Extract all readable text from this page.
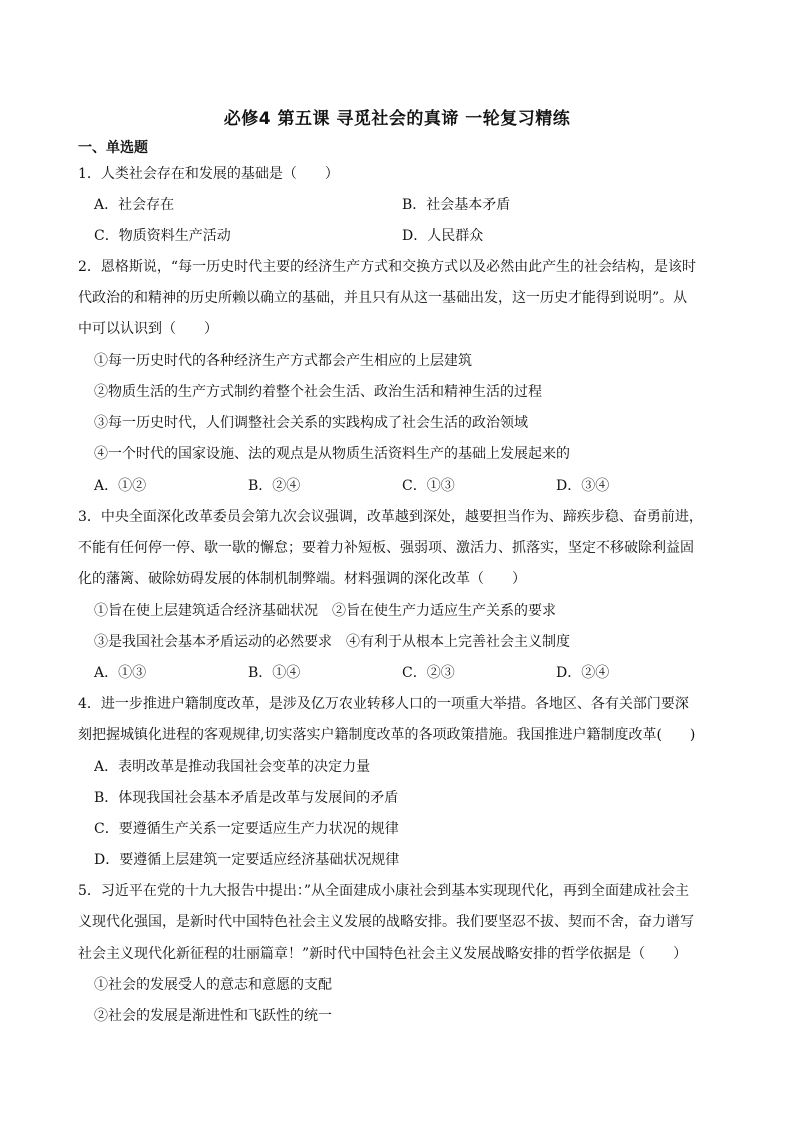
必修4 第五课 寻觅社会的真谛 一轮复习精练
一、单选题
1．人类社会存在和发展的基础是（　　）
A．社会存在	B．社会基本矛盾
C．物质资料生产活动	D．人民群众
2．恩格斯说，“每一历史时代主要的经济生产方式和交换方式以及必然由此产生的社会结构，是该时
代政治的和精神的历史所赖以确立的基础，并且只有从这一基础出发，这一历史才能得到说明”。从
中可以认识到（　　）
①每一历史时代的各种经济生产方式都会产生相应的上层建筑
②物质生活的生产方式制约着整个社会生活、政治生活和精神生活的过程
③每一历史时代，人们调整社会关系的实践构成了社会生活的政治领域
④一个时代的国家设施、法的观点是从物质生活资料生产的基础上发展起来的
A．①②	B．②④	C．①③	D．③④
3．中央全面深化改革委员会第九次会议强调，改革越到深处，越要担当作为、蹄疾步稳、奋勇前进，
不能有任何停一停、歇一歇的懈怠；要着力补短板、强弱项、激活力、抓落实，坚定不移破除利益固
化的藩篱、破除妨碍发展的体制机制弊端。材料强调的深化改革（　　）
①旨在使上层建筑适合经济基础状况　②旨在使生产力适应生产关系的要求
③是我国社会基本矛盾运动的必然要求　④有利于从根本上完善社会主义制度
A．①③	B．①④	C．②③	D．②④
4．进一步推进户籍制度改革，是涉及亿万农业转移人口的一项重大举措。各地区、各有关部门要深
刻把握城镇化进程的客观规律,切实落实户籍制度改革的各项政策措施。我国推进户籍制度改革(　　)
A．表明改革是推动我国社会变革的决定力量
B．体现我国社会基本矛盾是改革与发展间的矛盾
C．要遵循生产关系一定要适应生产力状况的规律
D．要遵循上层建筑一定要适应经济基础状况规律
5．习近平在党的十九大报告中提出：”从全面建成小康社会到基本实现现代化，再到全面建成社会主
义现代化强国，是新时代中国特色社会主义发展的战略安排。我们要坚忍不拔、契而不舍，奋力谱写
社会主义现代化新征程的壮丽篇章！”新时代中国特色社会主义发展战略安排的哲学依据是（　　）
①社会的发展受人的意志和意愿的支配
②社会的发展是渐进性和飞跃性的统一
